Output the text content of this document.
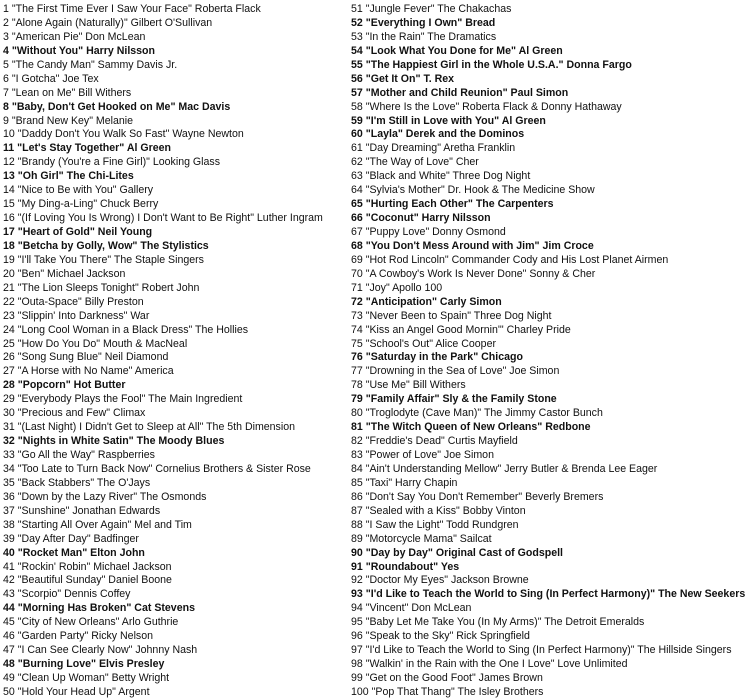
1 "The First Time Ever I Saw Your Face" Roberta Flack
2 "Alone Again (Naturally)" Gilbert O'Sullivan
3 "American Pie" Don McLean
4 "Without You" Harry Nilsson
5 "The Candy Man" Sammy Davis Jr.
6 "I Gotcha" Joe Tex
7 "Lean on Me" Bill Withers
8 "Baby, Don't Get Hooked on Me" Mac Davis
9 "Brand New Key" Melanie
10 "Daddy Don't You Walk So Fast" Wayne Newton
11 "Let's Stay Together" Al Green
12 "Brandy (You're a Fine Girl)" Looking Glass
13 "Oh Girl" The Chi-Lites
14 "Nice to Be with You" Gallery
15 "My Ding-a-Ling" Chuck Berry
16 "(If Loving You Is Wrong) I Don't Want to Be Right" Luther Ingram
17 "Heart of Gold" Neil Young
18 "Betcha by Golly, Wow" The Stylistics
19 "I'll Take You There" The Staple Singers
20 "Ben" Michael Jackson
21 "The Lion Sleeps Tonight" Robert John
22 "Outa-Space" Billy Preston
23 "Slippin' Into Darkness" War
24 "Long Cool Woman in a Black Dress" The Hollies
25 "How Do You Do" Mouth & MacNeal
26 "Song Sung Blue" Neil Diamond
27 "A Horse with No Name" America
28 "Popcorn" Hot Butter
29 "Everybody Plays the Fool" The Main Ingredient
30 "Precious and Few" Climax
31 "(Last Night) I Didn't Get to Sleep at All" The 5th Dimension
32 "Nights in White Satin" The Moody Blues
33 "Go All the Way" Raspberries
34 "Too Late to Turn Back Now" Cornelius Brothers & Sister Rose
35 "Back Stabbers" The O'Jays
36 "Down by the Lazy River" The Osmonds
37 "Sunshine" Jonathan Edwards
38 "Starting All Over Again" Mel and Tim
39 "Day After Day" Badfinger
40 "Rocket Man" Elton John
41 "Rockin' Robin" Michael Jackson
42 "Beautiful Sunday" Daniel Boone
43 "Scorpio" Dennis Coffey
44 "Morning Has Broken" Cat Stevens
45 "City of New Orleans" Arlo Guthrie
46 "Garden Party" Ricky Nelson
47 "I Can See Clearly Now" Johnny Nash
48 "Burning Love" Elvis Presley
49 "Clean Up Woman" Betty Wright
50 "Hold Your Head Up" Argent
51 "Jungle Fever" The Chakachas
52 "Everything I Own" Bread
53 "In the Rain" The Dramatics
54 "Look What You Done for Me" Al Green
55 "The Happiest Girl in the Whole U.S.A." Donna Fargo
56 "Get It On" T. Rex
57 "Mother and Child Reunion" Paul Simon
58 "Where Is the Love" Roberta Flack & Donny Hathaway
59 "I'm Still in Love with You" Al Green
60 "Layla" Derek and the Dominos
61 "Day Dreaming" Aretha Franklin
62 "The Way of Love" Cher
63 "Black and White" Three Dog Night
64 "Sylvia's Mother" Dr. Hook & The Medicine Show
65 "Hurting Each Other" The Carpenters
66 "Coconut" Harry Nilsson
67 "Puppy Love" Donny Osmond
68 "You Don't Mess Around with Jim" Jim Croce
69 "Hot Rod Lincoln" Commander Cody and His Lost Planet Airmen
70 "A Cowboy's Work Is Never Done" Sonny & Cher
71 "Joy" Apollo 100
72 "Anticipation" Carly Simon
73 "Never Been to Spain" Three Dog Night
74 "Kiss an Angel Good Mornin'" Charley Pride
75 "School's Out" Alice Cooper
76 "Saturday in the Park" Chicago
77 "Drowning in the Sea of Love" Joe Simon
78 "Use Me" Bill Withers
79 "Family Affair" Sly & the Family Stone
80 "Troglodyte (Cave Man)" The Jimmy Castor Bunch
81 "The Witch Queen of New Orleans" Redbone
82 "Freddie's Dead" Curtis Mayfield
83 "Power of Love" Joe Simon
84 "Ain't Understanding Mellow" Jerry Butler & Brenda Lee Eager
85 "Taxi" Harry Chapin
86 "Don't Say You Don't Remember" Beverly Bremers
87 "Sealed with a Kiss" Bobby Vinton
88 "I Saw the Light" Todd Rundgren
89 "Motorcycle Mama" Sailcat
90 "Day by Day" Original Cast of Godspell
91 "Roundabout" Yes
92 "Doctor My Eyes" Jackson Browne
93 "I'd Like to Teach the World to Sing (In Perfect Harmony)" The New Seekers
94 "Vincent" Don McLean
95 "Baby Let Me Take You (In My Arms)" The Detroit Emeralds
96 "Speak to the Sky" Rick Springfield
97 "I'd Like to Teach the World to Sing (In Perfect Harmony)" The Hillside Singers
98 "Walkin' in the Rain with the One I Love" Love Unlimited
99 "Get on the Good Foot" James Brown
100 "Pop That Thang" The Isley Brothers
